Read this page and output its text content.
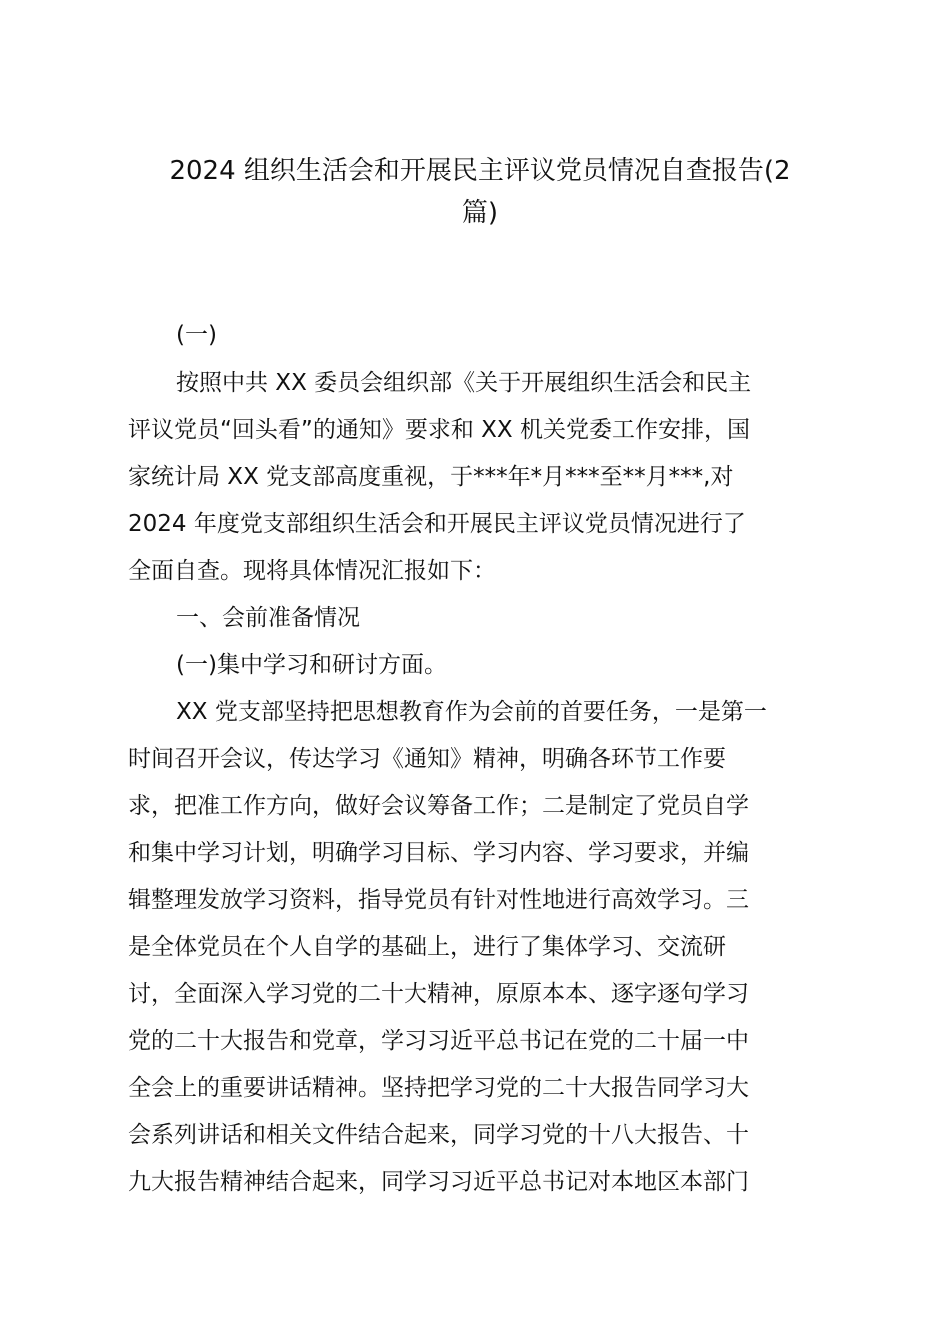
2024 组织生活会和开展民主评议党员情况自查报告(2
篇)
(一)
按照中共 XX 委员会组织部《关于开展组织生活会和民主
评议党员“回头看”的通知》要求和 XX 机关党委工作安排，国
家统计局 XX 党支部高度重视，于***年*月***至**月***,对
2024 年度党支部组织生活会和开展民主评议党员情况进行了
全面自查。现将具体情况汇报如下：
一、会前准备情况
(一)集中学习和研讨方面。
XX 党支部坚持把思想教育作为会前的首要任务，一是第一
时间召开会议，传达学习《通知》精神，明确各环节工作要
求，把准工作方向，做好会议筹备工作；二是制定了党员自学
和集中学习计划，明确学习目标、学习内容、学习要求，并编
辑整理发放学习资料，指导党员有针对性地进行高效学习。三
是全体党员在个人自学的基础上，进行了集体学习、交流研
讨，全面深入学习党的二十大精神，原原本本、逐字逐句学习
党的二十大报告和党章，学习习近平总书记在党的二十届一中
全会上的重要讲话精神。坚持把学习党的二十大报告同学习大
会系列讲话和相关文件结合起来，同学习党的十八大报告、十
九大报告精神结合起来，同学习习近平总书记对本地区本部门
